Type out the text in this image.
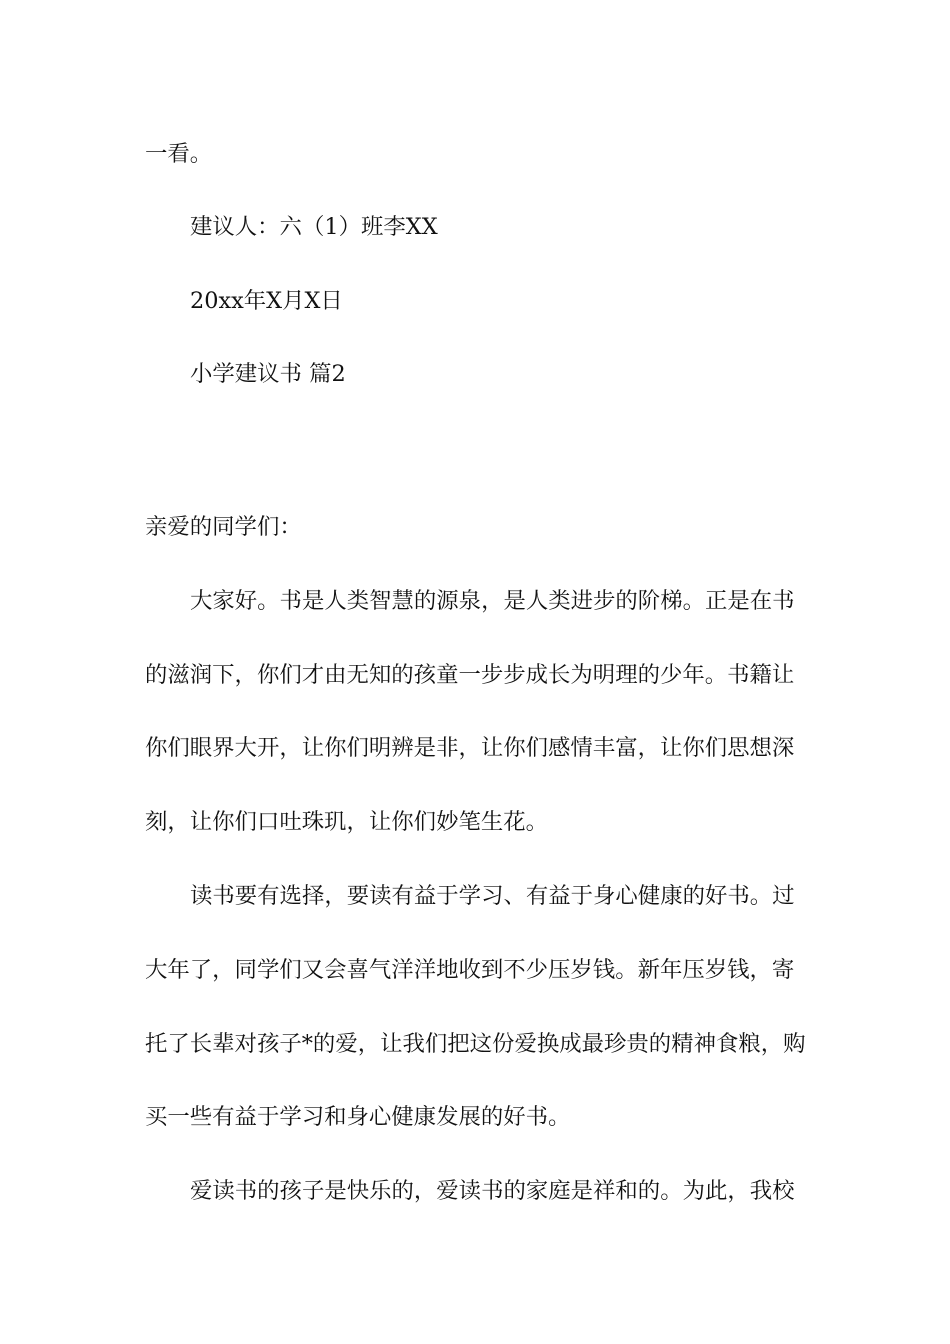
一看。
建议人：六（1）班李XX
20xx年X月X日
小学建议书 篇2
亲爱的同学们：
大家好。书是人类智慧的源泉，是人类进步的阶梯。正是在书
的滋润下，你们才由无知的孩童一步步成长为明理的少年。书籍让
你们眼界大开，让你们明辨是非，让你们感情丰富，让你们思想深
刻，让你们口吐珠玑，让你们妙笔生花。
读书要有选择，要读有益于学习、有益于身心健康的好书。过
大年了，同学们又会喜气洋洋地收到不少压岁钱。新年压岁钱，寄
托了长辈对孩子*的爱，让我们把这份爱换成最珍贵的精神食粮，购
买一些有益于学习和身心健康发展的好书。
爱读书的孩子是快乐的，爱读书的家庭是祥和的。为此，我校
